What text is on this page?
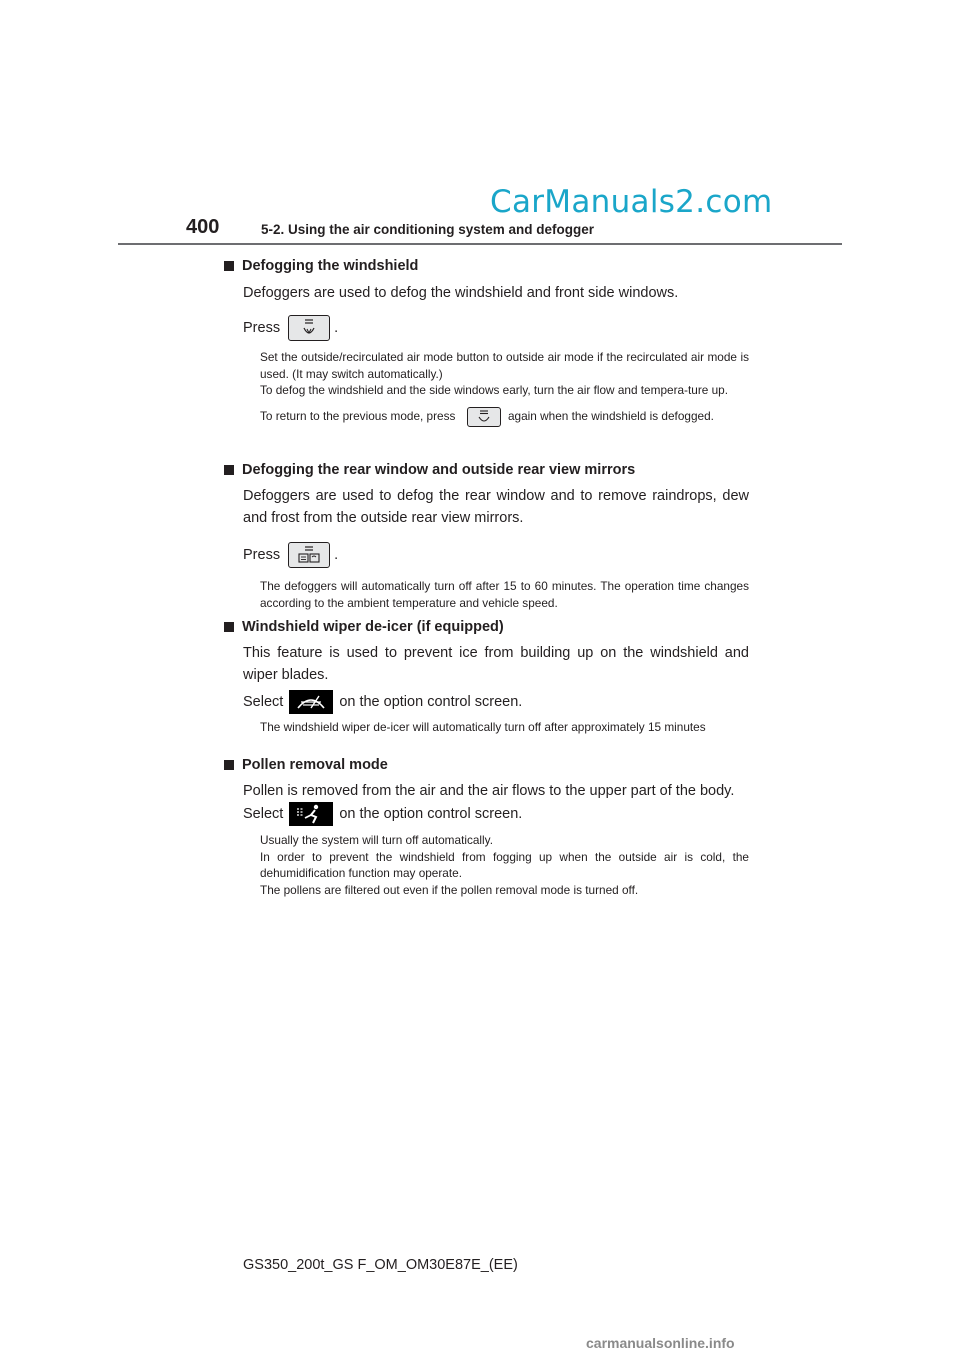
CarManuals2.com
400	5-2. Using the air conditioning system and defogger
Defogging the windshield
Defoggers are used to defog the windshield and front side windows.
Press	.
Set the outside/recirculated air mode button to outside air mode if the recirculated air mode is used. (It may switch automatically.)
To defog the windshield and the side windows early, turn the air flow and tempera-ture up.
To return to the previous mode, press	again when the windshield is defogged.
Defogging the rear window and outside rear view mirrors
Defoggers are used to defog the rear window and to remove raindrops, dew and frost from the outside rear view mirrors.
Press	.
The defoggers will automatically turn off after 15 to 60 minutes. The operation time changes according to the ambient temperature and vehicle speed.
Windshield wiper de-icer (if equipped)
This feature is used to prevent ice from building up on the windshield and wiper blades.
Select	on the option control screen.
The windshield wiper de-icer will automatically turn off after approximately 15 minutes
Pollen removal mode
Pollen is removed from the air and the air flows to the upper part of the body.
Select	on the option control screen.
Usually the system will turn off automatically.
In order to prevent the windshield from fogging up when the outside air is cold, the dehumidification function may operate.
The pollens are filtered out even if the pollen removal mode is turned off.
GS350_200t_GS F_OM_OM30E87E_(EE)
carmanualsonline.info
